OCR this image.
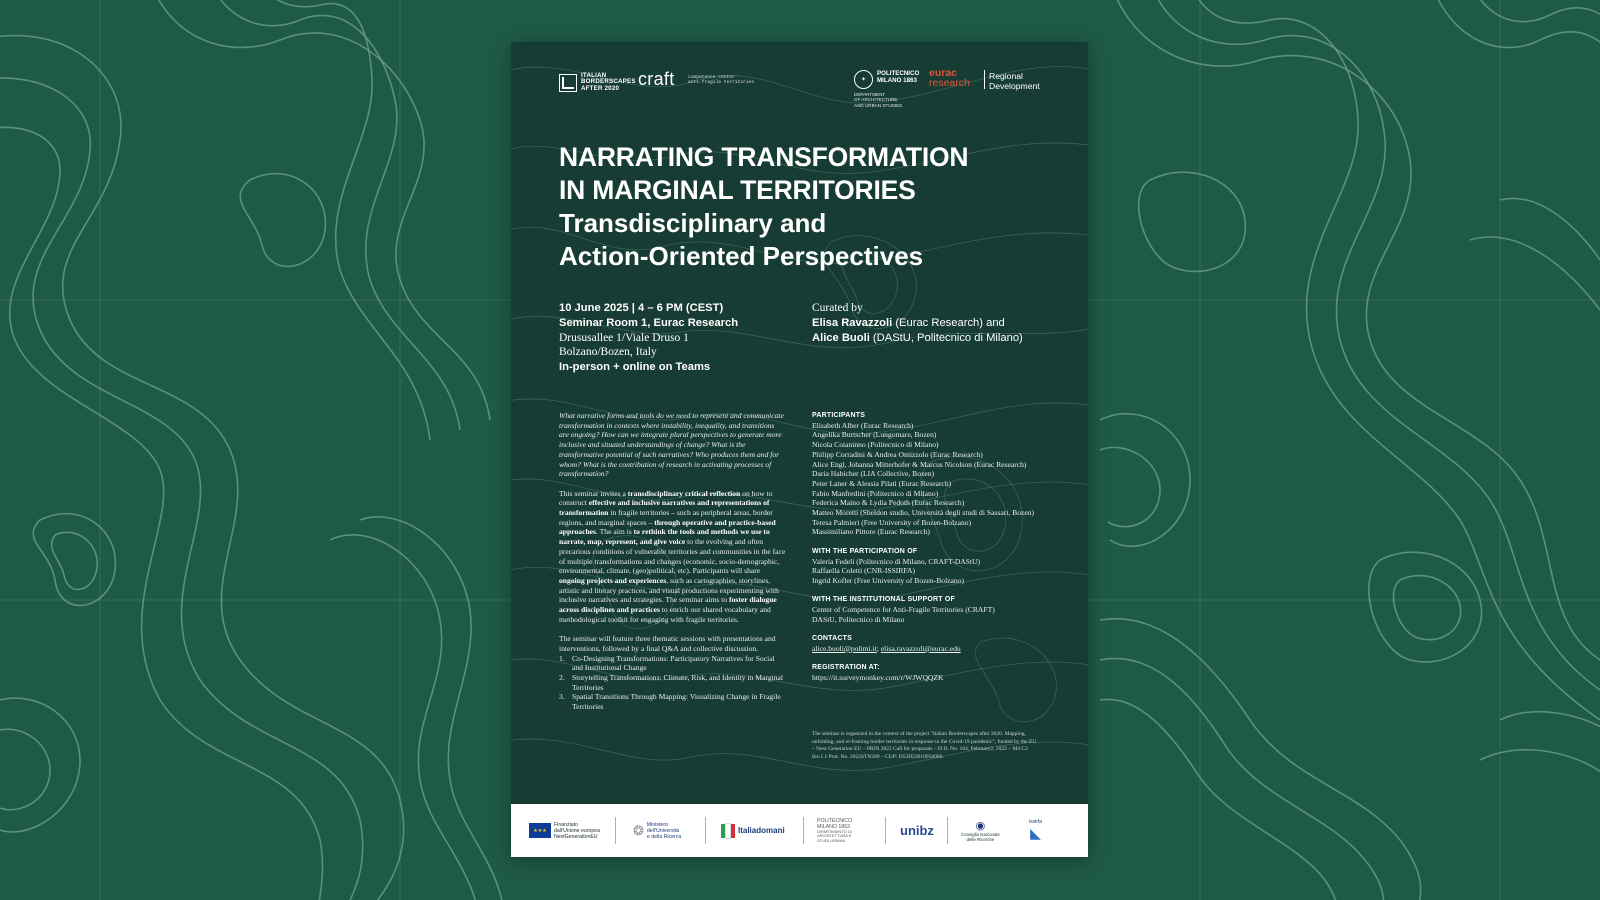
ITALIAN
BORDERSCAPES
AFTER 2020	craft	competence center
anti-fragile territories	✦
POLITECNICO
MILANO 1863
DEPARTMENT
OF ARCHITECTURE
AND URBAN STUDIES
eurac
research
Regional
Development
NARRATING TRANSFORMATION
IN MARGINAL TERRITORIES
Transdisciplinary and
Action-Oriented Perspectives
10 June 2025 | 4 – 6 PM (CEST)
Seminar Room 1, Eurac Research
Drususallee 1/Viale Druso 1
Bolzano/Bozen, Italy
In-person + online on Teams
Curated by
Elisa Ravazzoli (Eurac Research) and
Alice Buoli (DAStU, Politecnico di Milano)

What narrative forms and tools do we need to represent and communicate transformation in contexts where instability, inequality, and transitions are ongoing? How can we integrate plural perspectives to generate more inclusive and situated understandings of change? What is the transformative potential of such narratives? Who produces them and for whom? What is the contribution of research in activating processes of transformation?

This seminar invites a transdisciplinary critical reflection on how to construct effective and inclusive narratives and representations of transformation in fragile territories – such as peripheral areas, border regions, and marginal spaces – through operative and practice-based approaches. The aim is to rethink the tools and methods we use to narrate, map, represent, and give voice to the evolving and often precarious conditions of vulnerable territories and communities in the face of multiple transformations and changes (economic, socio-demographic, environmental, climate, (geo)political, etc). Participants will share ongoing projects and experiences, such as cartographies, storylines, artistic and literary practices, and visual productions experimenting with inclusive narratives and strategies. The seminar aims to foster dialogue across disciplines and practices to enrich our shared vocabulary and methodological toolkit for engaging with fragile territories.

The seminar will feature three thematic sessions with presentations and interventions, followed by a final Q&A and collective discussion.

1. Co-Designing Transformations: Participatory Narratives for Social and Institutional Change
2. Storytelling Transformations: Climate, Risk, and Identity in Marginal Territories
3. Spatial Transitions Through Mapping: Visualizing Change in Fragile Territories
PARTICIPANTS
Elisabeth Alber (Eurac Research)
Angelika Burtscher (Lungomare, Bozen)
Nicola Coianinno (Politecnico di Milano)
Philipp Corradini & Andrea Omizzolo (Eurac Research)
Alice Engl, Johanna Mitterhofer & Marcus Nicolson (Eurac Research)
Daria Habicher (LIA Collective, Bozen)
Peter Laner & Alessia Pilati (Eurac Research)
Fabio Manfredini (Politecnico di Milano)
Federica Maino & Lydia Pedoth (Eurac Research)
Matteo Moretti (Sheldon studio, Università degli studi di Sassari, Bozen)
Teresa Palmieri (Free University of Bozen-Bolzano)
Massimiliano Pittore (Eurac Research)
WITH THE PARTICIPATION OF
Valeria Fedeli (Politecnico di Milano, CRAFT-DAStU)
Raffaella Coletti (CNR-ISSIRFA)
Ingrid Kofler (Free University of Bozen-Bolzano)
WITH THE INSTITUTIONAL SUPPORT OF
Center of Competence for Anti-Fragile Territories (CRAFT)
DAStU, Politecnico di Milano
CONTACTS
alice.buoli@polimi.it; elisa.ravazzoli@eurac.edu
REGISTRATION AT:
https://it.surveymonkey.com/r/WJWQQZK
The seminar is organized in the context of the project "Italian Borderscapes after 2020. Mapping, unfolding, and re-framing border territories in response to the Covid-19 pandemic", funded by the EU – Next Generation EU – PRIN 2022 Call for proposals – D.D. No. 104, February2, 2022 – M4 C2 Inv.1.1 Prot. No. 2022STN289 – CUP: D53D23010950006.
★★★
Finanziato
dall'Unione europea
NextGenerationEU	❂ Ministero
dell'Università
e della Ricerca
Italiadomani
POLITECNICO
MILANO 1863
DIPARTIMENTO DI
ARCHITETTURA E
STUDI URBANI
unibz	◉
Consiglio Nazionale
delle Ricerche
issirfa
◣
